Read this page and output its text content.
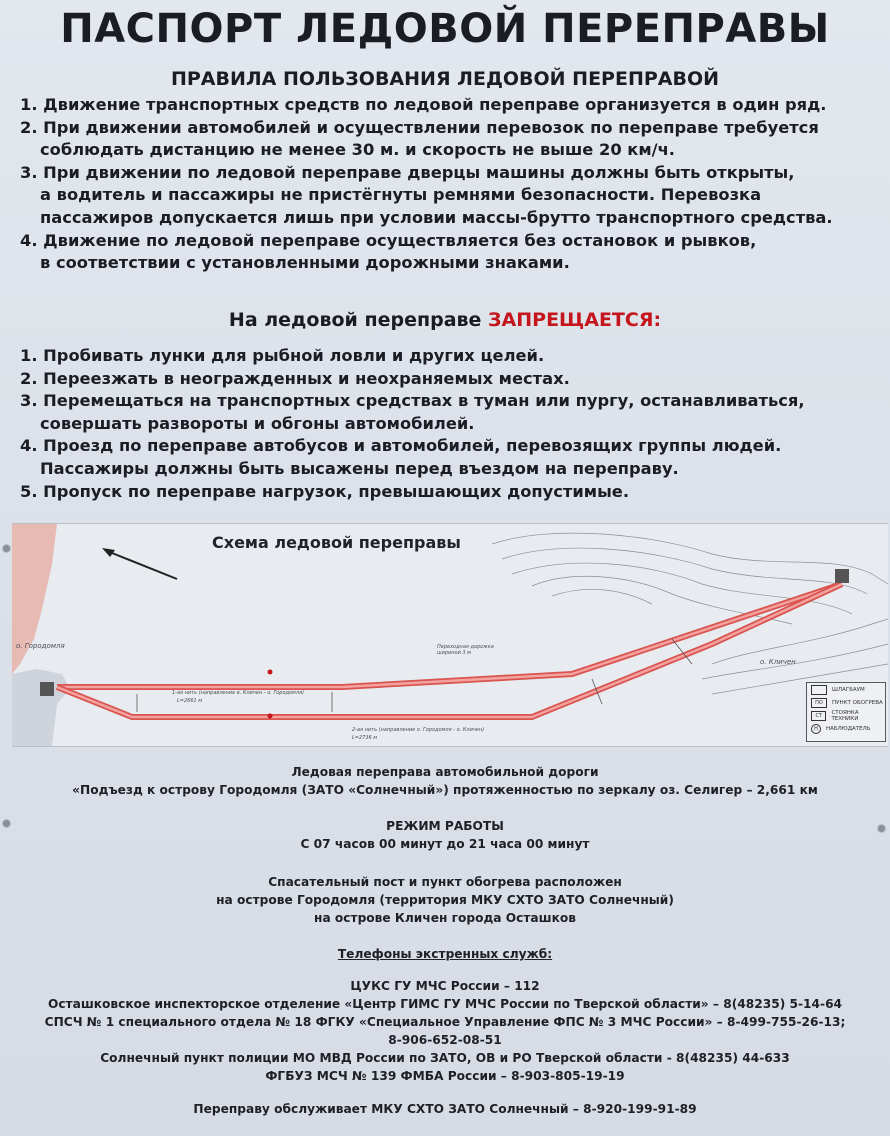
ПАСПОРТ ЛЕДОВОЙ ПЕРЕПРАВЫ
ПРАВИЛА ПОЛЬЗОВАНИЯ ЛЕДОВОЙ ПЕРЕПРАВОЙ
1. Движение транспортных средств по ледовой переправе организуется в один ряд.
2. При движении автомобилей и осуществлении перевозок по переправе требуется
соблюдать дистанцию не менее 30 м. и скорость не выше 20 км/ч.
3. При движении по ледовой переправе дверцы машины должны быть открыты,
а водитель и пассажиры не пристёгнуты ремнями безопасности. Перевозка
пассажиров допускается лишь при условии массы-брутто транспортного средства.
4. Движение по ледовой переправе осуществляется без остановок и рывков,
в соответствии с установленными дорожными знаками.
На ледовой переправе ЗАПРЕЩАЕТСЯ:
1. Пробивать лунки для рыбной ловли и других целей.
2. Переезжать в неогражденных и неохраняемых местах.
3. Перемещаться на транспортных средствах в туман или пургу, останавливаться,
совершать развороты и обгоны автомобилей.
4. Проезд по переправе автобусов и автомобилей, перевозящих группы людей.
Пассажиры должны быть высажены перед въездом на переправу.
5. Пропуск по переправе нагрузок, превышающих допустимые.
Схема ледовой переправы
о. Городомля
о. Кличен
1-ая нить (направление в. Кличен - о. Городомля)
L=2661 м
2-ая нить (направление о. Городомля - о. Кличен)
L=2736 м
Переходная дорожка шириной 3 м
ШЛАГБАУМ
ПО	ПУНКТ ОБОГРЕВА
СТ	СТОЯНКА ТЕХНИКИ
Н	НАБЛЮДАТЕЛЬ

Ледовая переправа автомобильной дороги

«Подъезд к острову Городомля (ЗАТО «Солнечный») протяженностью по зеркалу оз. Селигер – 2,661 км

РЕЖИМ РАБОТЫ

С 07 часов 00 минут до 21 часа 00 минут

Спасательный пост и пункт обогрева расположен

на острове Городомля (территория МКУ СХТО ЗАТО Солнечный)

на острове Кличен города Осташков

Телефоны экстренных служб:

ЦУКС ГУ МЧС России – 112

Осташковское инспекторское отделение «Центр ГИМС ГУ МЧС России по Тверской области» – 8(48235) 5-14-64

СПСЧ № 1 специального отдела № 18 ФГКУ «Специальное Управление ФПС № 3 МЧС России» – 8-499-755-26-13;

8-906-652-08-51

Солнечный пункт полиции МО МВД России по ЗАТО, ОВ и РО Тверской области - 8(48235) 44-633

ФГБУЗ МСЧ № 139 ФМБА России – 8-903-805-19-19

Переправу обслуживает МКУ СХТО ЗАТО Солнечный – 8-920-199-91-89
